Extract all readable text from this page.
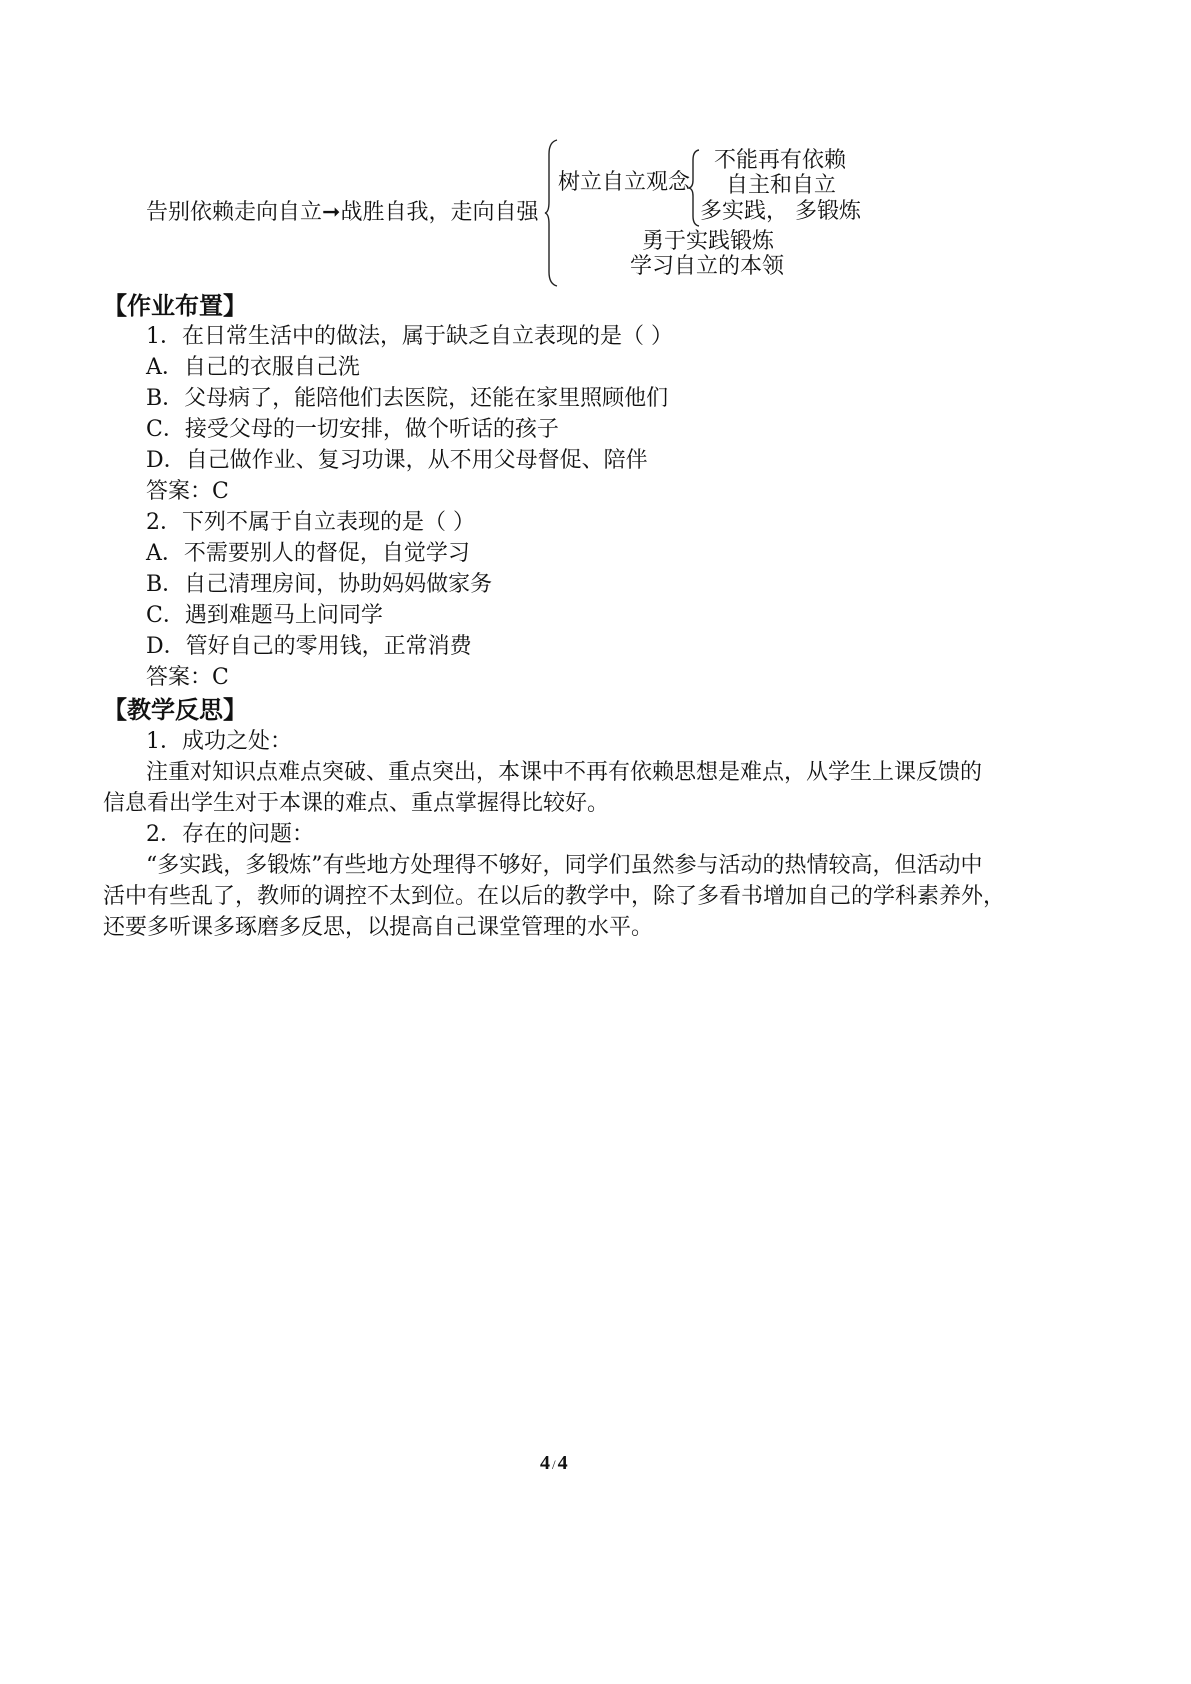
告别依赖走向自立➞战胜自我，走向自强
树立自立观念
不能再有依赖
自主和自立
多实践， 多锻炼
勇于实践锻炼
学习自立的本领
【作业布置】
1．在日常生活中的做法，属于缺乏自立表现的是（ ）
A．自己的衣服自己洗
B．父母病了，能陪他们去医院，还能在家里照顾他们
C．接受父母的一切安排，做个听话的孩子
D．自己做作业、复习功课，从不用父母督促、陪伴
答案：C
2．下列不属于自立表现的是（ ）
A．不需要别人的督促，自觉学习
B．自己清理房间，协助妈妈做家务
C．遇到难题马上问同学
D．管好自己的零用钱，正常消费
答案：C
【教学反思】
1．成功之处：
注重对知识点难点突破、重点突出，本课中不再有依赖思想是难点，从学生上课反馈的
信息看出学生对于本课的难点、重点掌握得比较好。
2．存在的问题：
“多实践，多锻炼”有些地方处理得不够好，同学们虽然参与活动的热情较高，但活动中
活中有些乱了，教师的调控不太到位。在以后的教学中，除了多看书增加自己的学科素养外，
还要多听课多琢磨多反思，以提高自己课堂管理的水平。
4 / 4
